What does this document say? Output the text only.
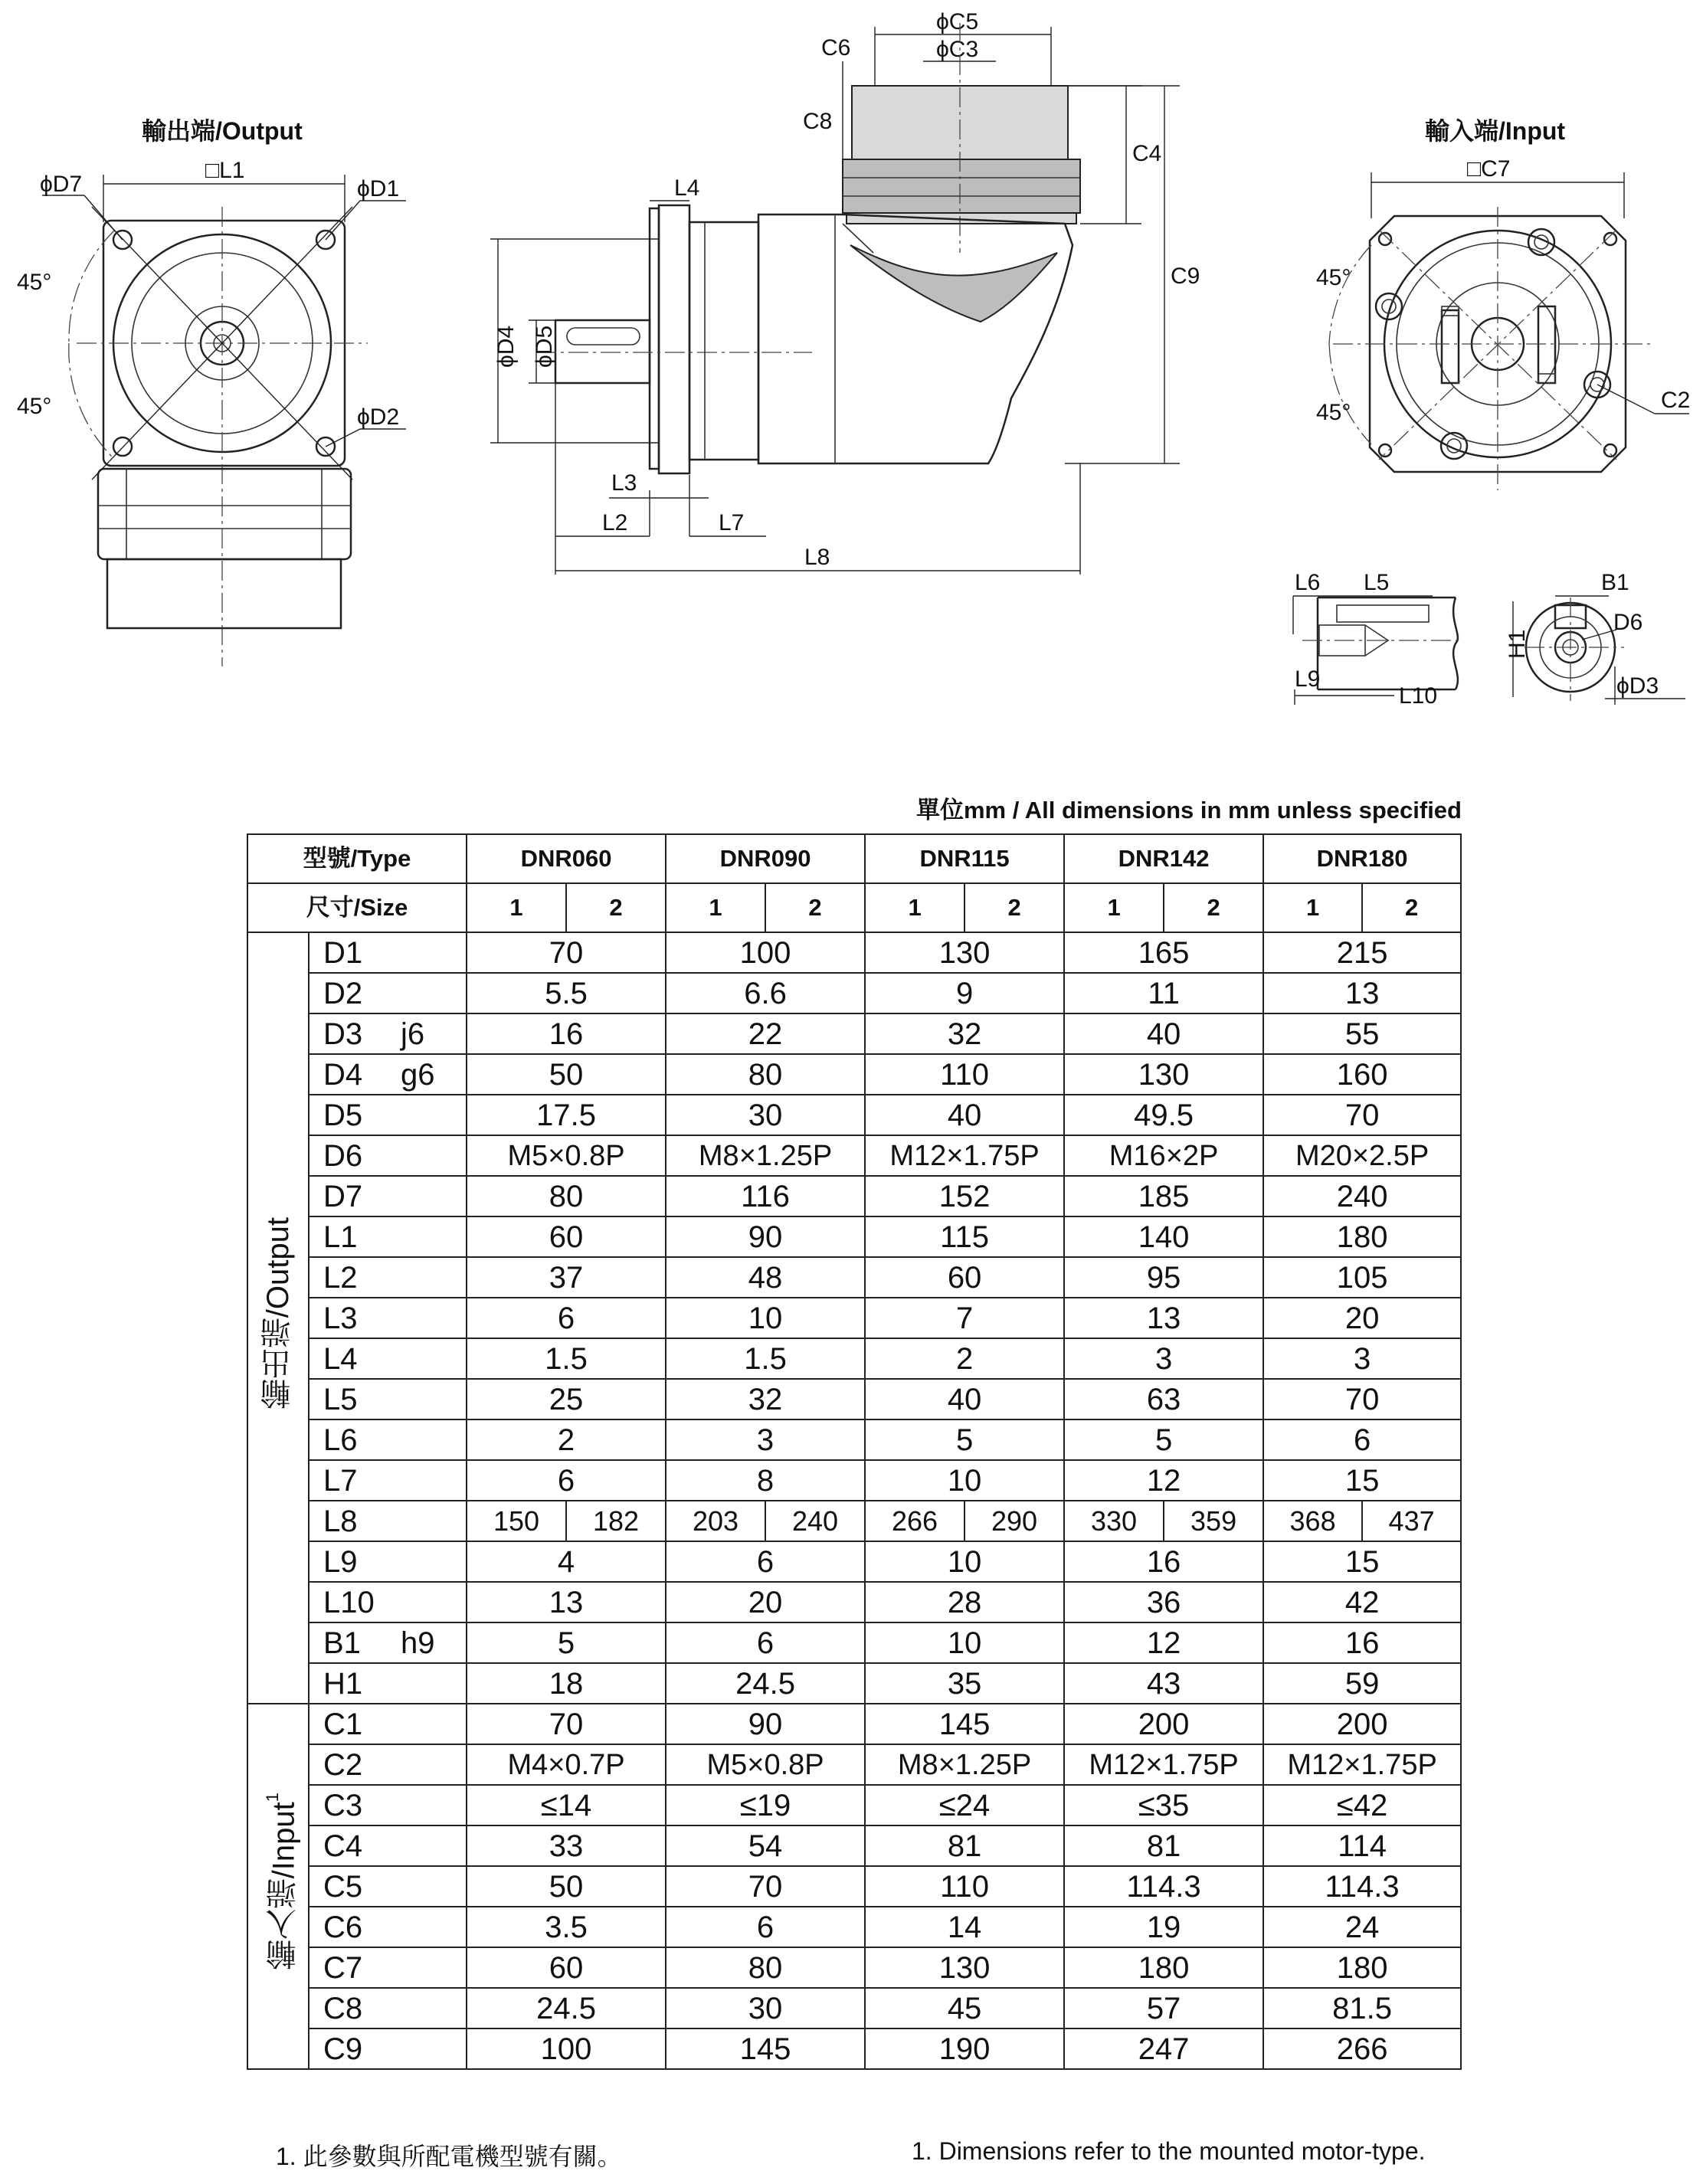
輸出端/Output
□L1
45°
45°
ϕD7	ϕD1
ϕD2
ϕC5
ϕC3
C6
C8
C4
C9
L4
ϕD4 ϕD5
L3
L2	L7
L8
輸入端/Input
□C7
45°
45°	C2
L6 L5
L9
L10
B1
H1
D6
ϕD3
單位mm / All dimensions in mm unless specified
型號/Type			DNR060		DNR090		DNR115		DNR142		DNR180	
尺寸/Size			1	2	1	2	1	2	1	2	1	2
輸出端/Output	D1		70		100		130		165		215	
	D2		5.5		6.6		9		11		13	
	D3	j6	16		22		32		40		55	
	D4	g6	50		80		110		130		160	
	D5		17.5		30		40		49.5		70	
	D6		M5×0.8P		M8×1.25P		M12×1.75P		M16×2P		M20×2.5P	
	D7		80		116		152		185		240	
	L1		60		90		115		140		180	
	L2		37		48		60		95		105	
	L3		6		10		7		13		20	
	L4		1.5		1.5		2		3		3	
	L5		25		32		40		63		70	
	L6		2		3		5		5		6	
	L7		6		8		10		12		15	
	L8		150	182	203	240	266	290	330	359	368	437
	L9		4		6		10		16		15	
	L10		13		20		28		36		42	
	B1	h9	5		6		10		12		16	
	H1		18		24.5		35		43		59	
輸入端/Input$^1$	C1		70		90		145		200		200	
	C2		M4×0.7P		M5×0.8P		M8×1.25P		M12×1.75P		M12×1.75P	
	C3		≤14		≤19		≤24		≤35		≤42	
	C4		33		54		81		81		114	
	C5		50		70		110		114.3		114.3	
	C6		3.5		6		14		19		24	
	C7		60		80		130		180		180	
	C8		24.5		30		45		57		81.5	
	C9		100		145		190		247		266	
1. 此參數與所配電機型號有關。	1. Dimensions refer to the mounted motor-type.
